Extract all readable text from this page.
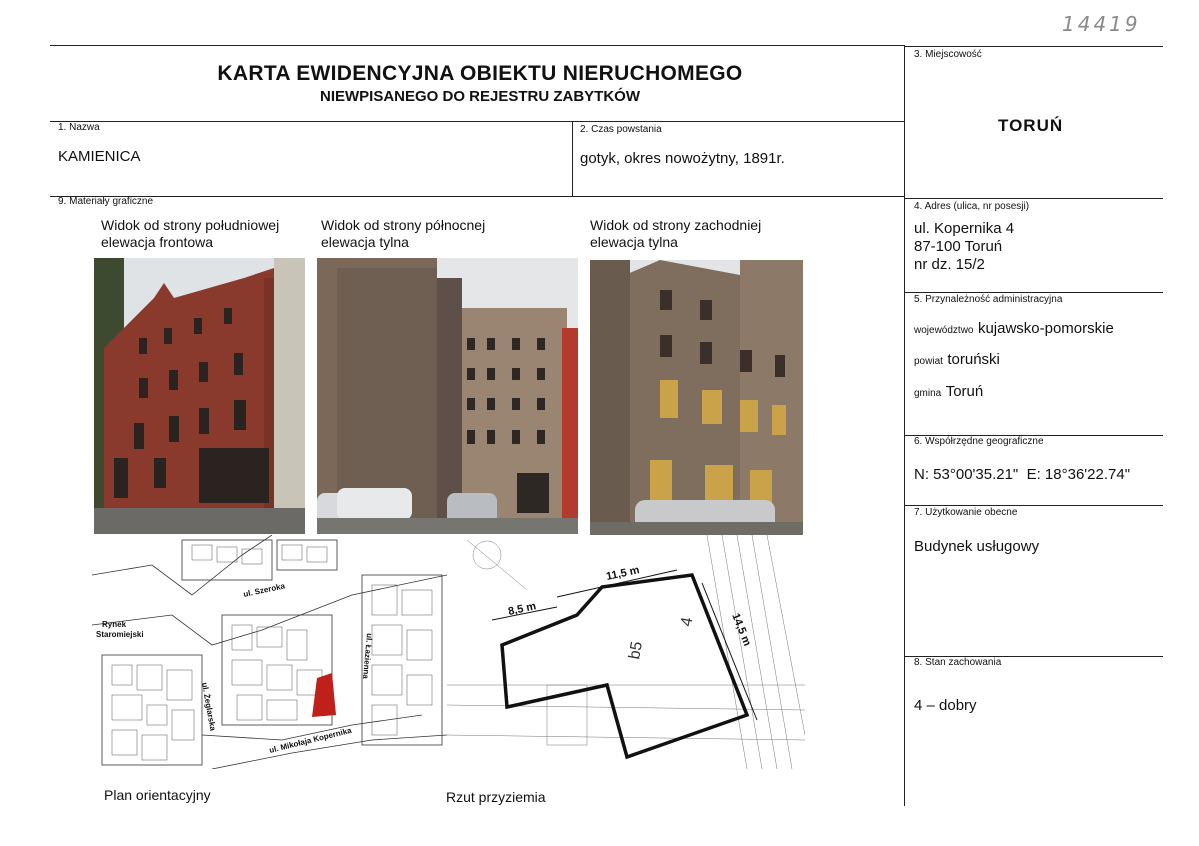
14419
KARTA EWIDENCYJNA OBIEKTU NIERUCHOMEGO
NIEWPISANEGO DO REJESTRU ZABYTKÓW
1. Nazwa
KAMIENICA
2. Czas powstania
gotyk, okres nowożytny, 1891r.
3. Miejscowość
TORUŃ
4. Adres (ulica, nr posesji)
ul. Kopernika 4
87-100 Toruń
nr dz. 15/2
5. Przynależność administracyjna
województwo kujawsko-pomorskie
powiat toruński
gmina Toruń
6. Współrzędne geograficzne
N: 53°00'35.21"  E: 18°36'22.74"
7. Użytkowanie obecne
Budynek usługowy
8. Stan zachowania
4 – dobry
9. Materiały graficzne
Widok od strony południowej
elewacja frontowa
Widok od strony północnej
elewacja tylna
Widok od strony zachodniej
elewacja tylna
Rynek
Staromiejski
ul. Szeroka
ul. Żeglarska
ul. Łazienna
ul. Mikołaja Kopernika
11,5 m
8,5 m
14,5 m
b5
4
Plan orientacyjny	Rzut przyziemia
